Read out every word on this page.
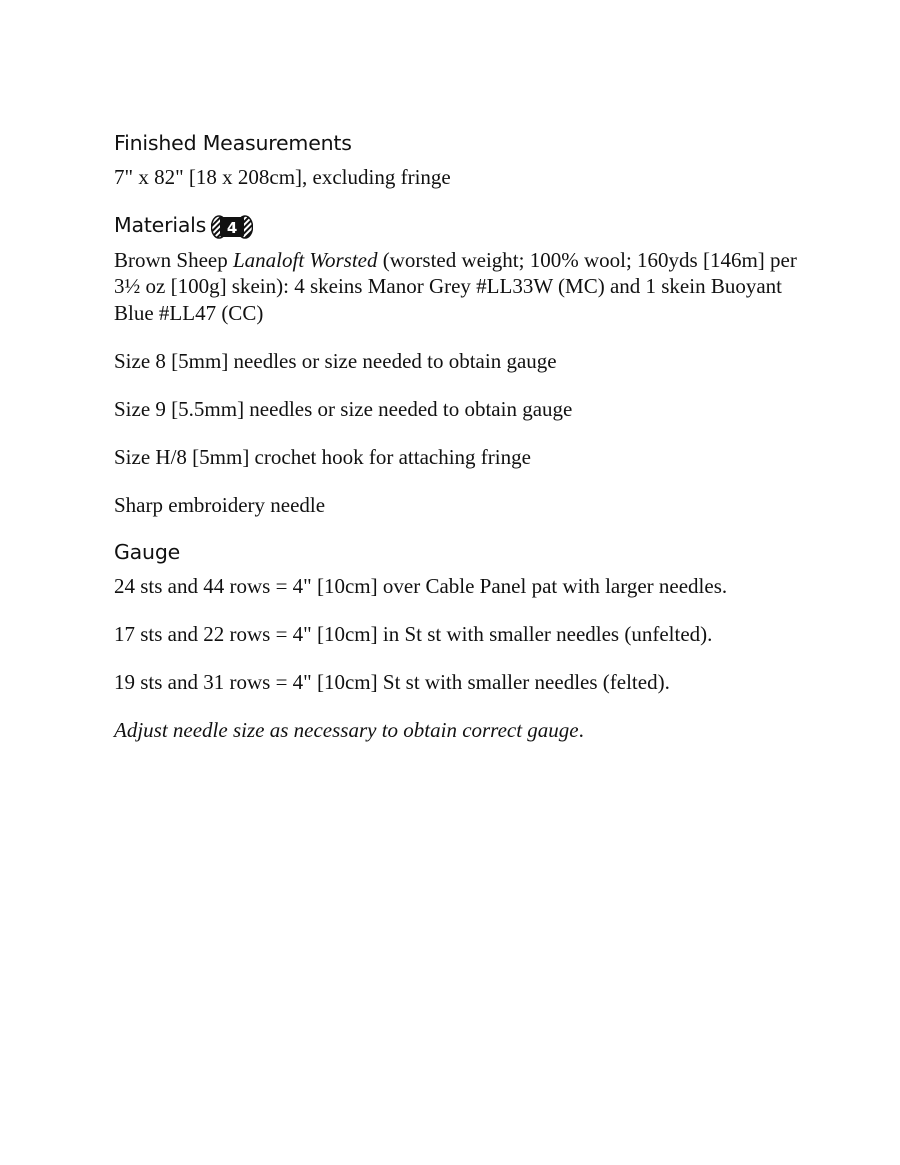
Finished Measurements

7" x 82" [18 x 208cm], excluding fringe

Materials 4

Brown Sheep Lanaloft Worsted (worsted weight; 100% wool; 160yds [146m] per 3½ oz [100g] skein): 4 skeins Manor Grey #LL33W (MC) and 1 skein Buoyant Blue #LL47 (CC)

Size 8 [5mm] needles or size needed to obtain gauge

Size 9 [5.5mm] needles or size needed to obtain gauge

Size H/8 [5mm] crochet hook for attaching fringe

Sharp embroidery needle

Gauge

24 sts and 44 rows = 4" [10cm] over Cable Panel pat with larger needles.

17 sts and 22 rows = 4" [10cm] in St st with smaller needles (unfelted).

19 sts and 31 rows = 4" [10cm] St st with smaller needles (felted).

Adjust needle size as necessary to obtain correct gauge.
